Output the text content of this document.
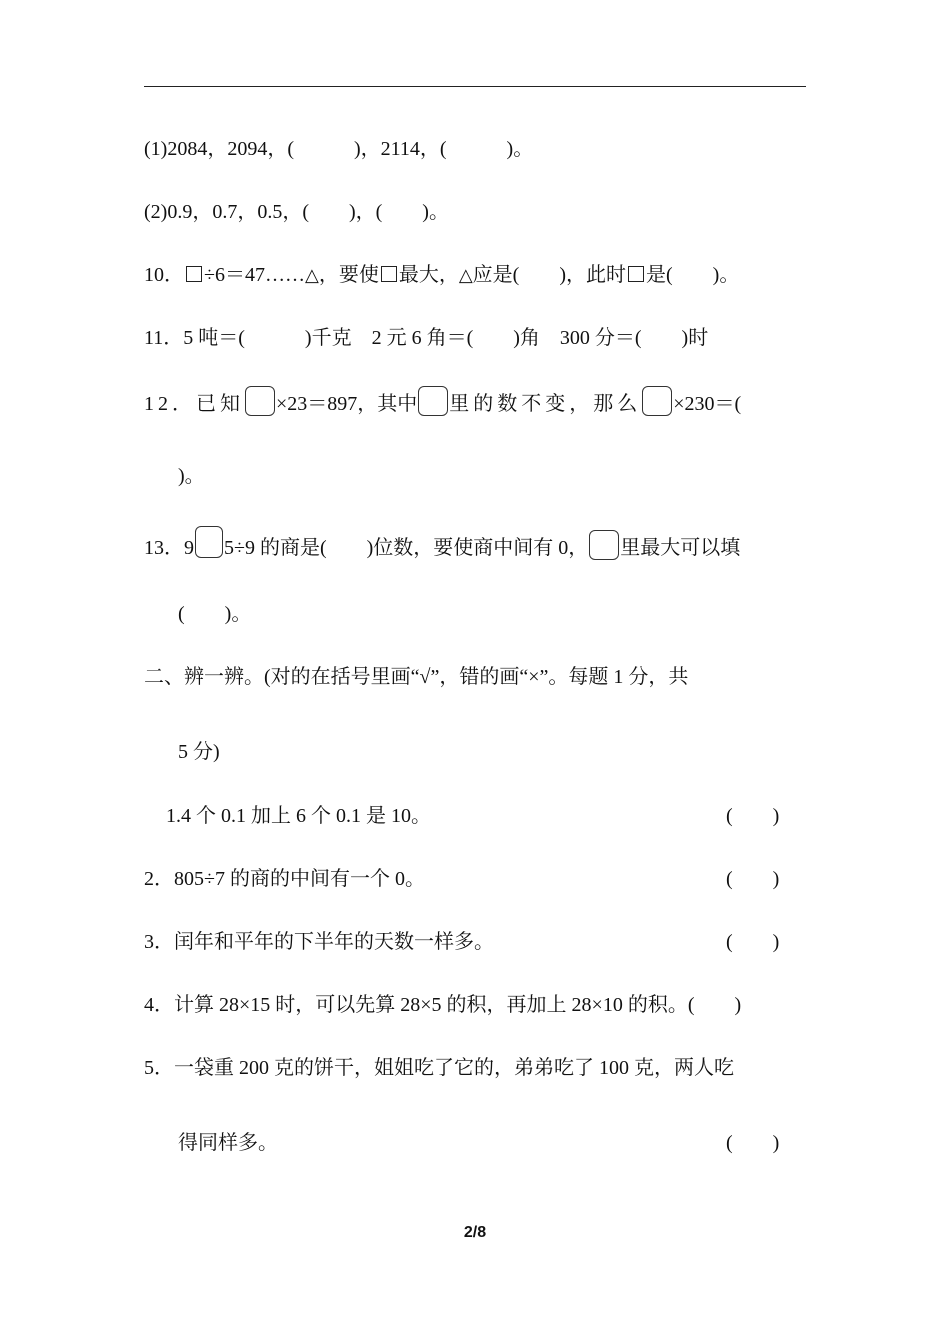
(1)2084，2094，(　　　)，2114，(　　　)。
(2)0.9，0.7，0.5，(　　)，(　　)。
10． ÷6＝47……△，要使 最大，△应是(　　)，此时 是(　　)。
11．5 吨＝(　　　)千克　2 元 6 角＝(　　)角　300 分＝(　　)时
12．已知 ×23＝897，其中 里的数不变，那么 ×230＝(
)。
13．9 5÷9 的商是(　　)位数，要使商中间有 0， 里最大可以填
(　　)。
二、辨一辨。(对的在括号里画“√”，错的画“×”。每题 1 分，共
5 分)
1.4 个 0.1 加上 6 个 0.1 是 10。	(　　)
2．805÷7 的商的中间有一个 0。	(　　)
3．闰年和平年的下半年的天数一样多。	(　　)
4．计算 28×15 时，可以先算 28×5 的积，再加上 28×10 的积。(　　)
5．一袋重 200 克的饼干，姐姐吃了它的，弟弟吃了 100 克，两人吃
得同样多。	(　　)
2/8
